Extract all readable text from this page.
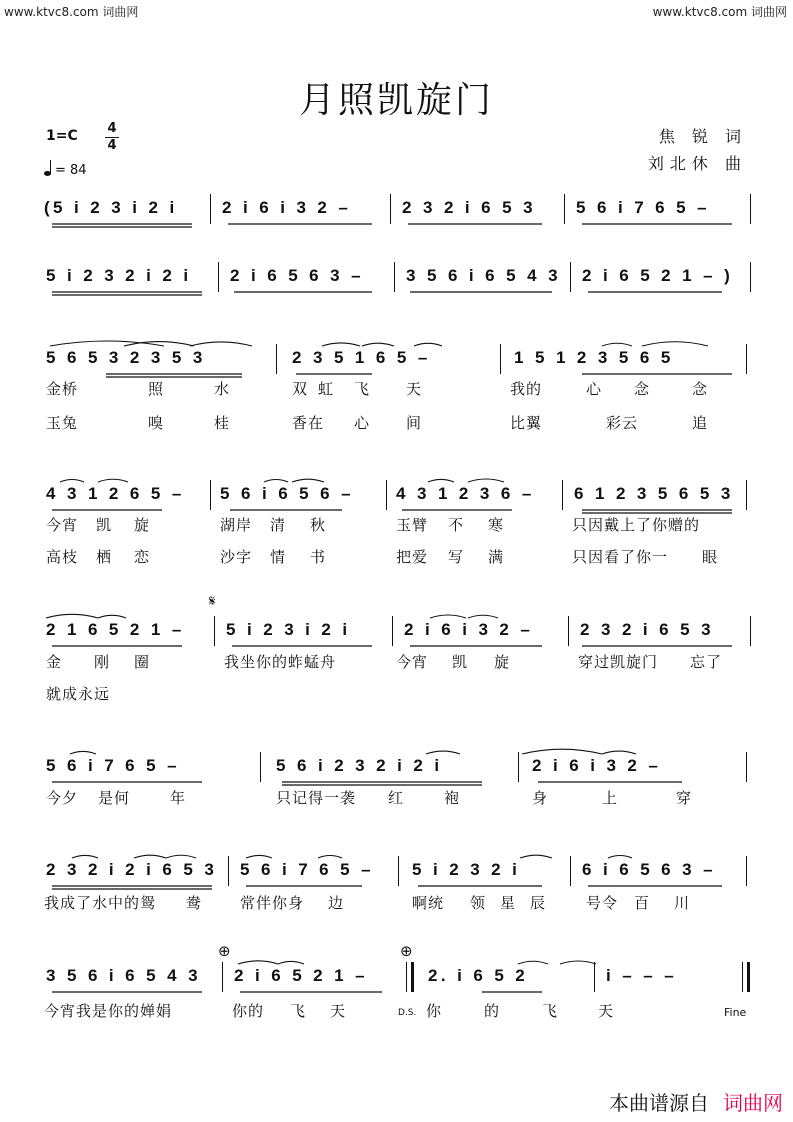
www.ktvc8.com 词曲网	www.ktvc8.com 词曲网
月照凯旋门
1=C 4
4
= 84
焦 锐 词
刘北休 曲
(5 i 2 3 i 2 i	2 i 6 i 3 2 –	2 3 2 i 6 5 3 5 6 i 7 6 5 –
5 i 2 3 2 i 2 i 2 i 6 5 6 3 – 3 5 6 i 6 5 4 3 2 i 6 5 2 1 – )
5 6 5 3 2 3 5 3	2 3 5 1 6 5 –	1 5 1 2 3 5 6 5
金桥	照	水	双 虹 飞 天	我的	心 念	念
玉兔	嗅	桂	香在 心 间	比翼	彩云	追
4 3 1 2 6 5 – 5 6 i 6 5 6 – 4 3 1 2 3 6 – 6 1 2 3 5 6 5 3
今宵 凯 旋	湖岸 清 秋	玉臂 不 寒	只因戴上了你赠的
高枝 栖 恋	沙字 情 书	把爱 写 满	只因看了你一 眼
2 1 6 5 2 1 – 5 i 2 3 i 2 i	2 i 6 i 3 2 –	2 3 2 i 6 5 3
𝄋
金 刚 圈	我坐你的蚱蜢舟	今宵 凯 旋	穿过凯旋门 忘了
就成永远
5 6 i 7 6 5 –	5 6 i 2 3 2 i 2 i	2 i 6 i 3 2 –
今夕 是何	年	只记得一袭 红	袍	身	上	穿
2 3 2 i 2 i 6 5 3 5 6 i 7 6 5 – 5 i 2 3 2 i	6 i 6 5 6 3 –
我成了水中的鸳 鸯	常伴你身 边	啊统 领 星 辰	号令 百 川
3 5 6 i 6 5 4 3 2 i 6 5 2 1 –	2. i 6 5 2	i – – –
⊕	⊕
今宵我是你的婵娟	你的 飞 天	D.S. 你	的	飞	天	Fine
本曲谱源自 词曲网
